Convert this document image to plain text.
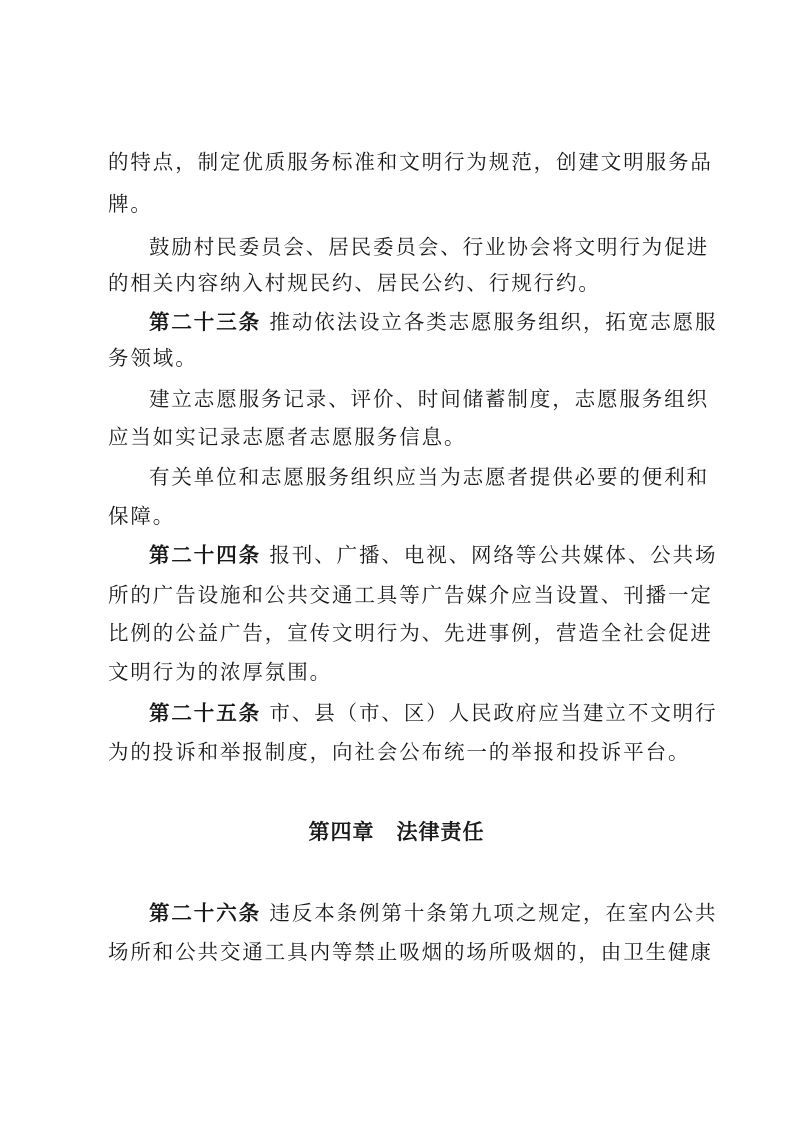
的特点，制定优质服务标准和文明行为规范，创建文明服务品
牌。
鼓励村民委员会、居民委员会、行业协会将文明行为促进
的相关内容纳入村规民约、居民公约、行规行约。
第二十三条 推动依法设立各类志愿服务组织，拓宽志愿服
务领域。
建立志愿服务记录、评价、时间储蓄制度，志愿服务组织
应当如实记录志愿者志愿服务信息。
有关单位和志愿服务组织应当为志愿者提供必要的便利和
保障。
第二十四条 报刊、广播、电视、网络等公共媒体、公共场
所的广告设施和公共交通工具等广告媒介应当设置、刊播一定
比例的公益广告，宣传文明行为、先进事例，营造全社会促进
文明行为的浓厚氛围。
第二十五条 市、县（市、区）人民政府应当建立不文明行
为的投诉和举报制度，向社会公布统一的举报和投诉平台。
第四章　法律责任
第二十六条 违反本条例第十条第九项之规定，在室内公共
场所和公共交通工具内等禁止吸烟的场所吸烟的，由卫生健康
